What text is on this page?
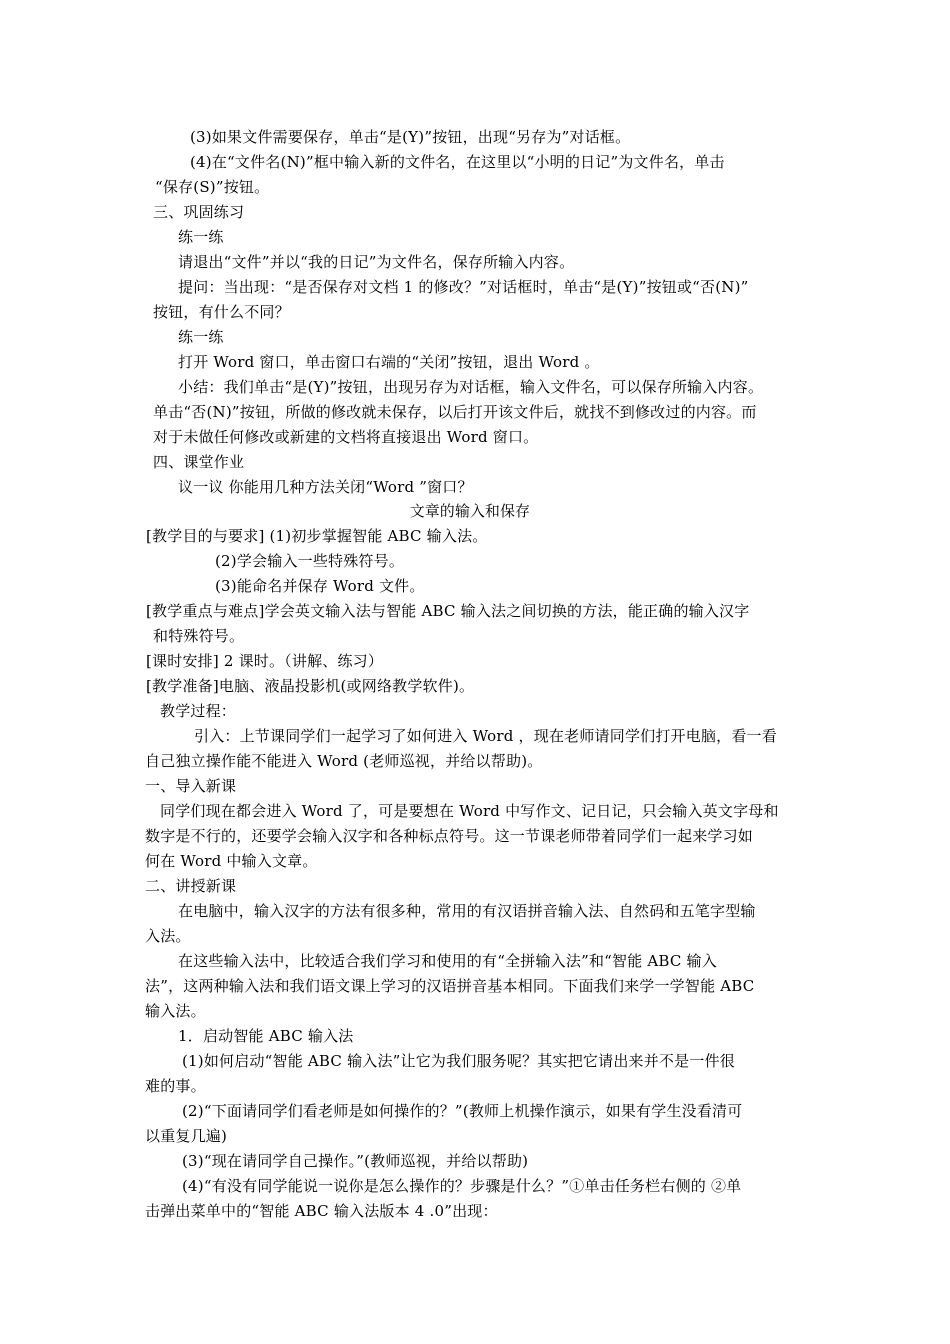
(3)如果文件需要保存，单击“是(Y)”按钮，出现“另存为”对话框。

(4)在“文件名(N)”框中输入新的文件名，在这里以“小明的日记”为文件名，单击

“保存(S)”按钮。

三、巩固练习

练一练

请退出“文件”并以“我的日记”为文件名，保存所输入内容。

提问：当出现：“是否保存对文档 1 的修改？”对话框时，单击“是(Y)”按钮或“否(N)”

按钮，有什么不同？

练一练

打开 Word 窗口，单击窗口右端的“关闭”按钮，退出 Word 。

小结：我们单击“是(Y)”按钮，出现另存为对话框，输入文件名，可以保存所输入内容。

单击“否(N)”按钮，所做的修改就未保存，以后打开该文件后，就找不到修改过的内容。而

对于未做任何修改或新建的文档将直接退出 Word 窗口。

四、课堂作业

议一议 你能用几种方法关闭“Word ”窗口？

文章的输入和保存

[教学目的与要求] (1)初步掌握智能 ABC 输入法。

(2)学会输入一些特殊符号。

(3)能命名并保存 Word 文件。

[教学重点与难点]学会英文输入法与智能 ABC 输入法之间切换的方法，能正确的输入汉字

和特殊符号。

[课时安排] 2 课时。（讲解、练习）

[教学准备]电脑、液晶投影机(或网络教学软件)。

教学过程：

引入：上节课同学们一起学习了如何进入 Word ，现在老师请同学们打开电脑，看一看

自己独立操作能不能进入 Word (老师巡视，并给以帮助)。

一、导入新课

同学们现在都会进入 Word 了，可是要想在 Word 中写作文、记日记，只会输入英文字母和

数字是不行的，还要学会输入汉字和各种标点符号。这一节课老师带着同学们一起来学习如

何在 Word 中输入文章。

二、讲授新课

在电脑中，输入汉字的方法有很多种，常用的有汉语拼音输入法、自然码和五笔字型输

入法。

在这些输入法中，比较适合我们学习和使用的有“全拼输入法”和“智能 ABC 输入

法”，这两种输入法和我们语文课上学习的汉语拼音基本相同。下面我们来学一学智能 ABC

输入法。

1．启动智能 ABC 输入法

(1)如何启动“智能 ABC 输入法”让它为我们服务呢？其实把它请出来并不是一件很

难的事。

(2)“下面请同学们看老师是如何操作的？”(教师上机操作演示，如果有学生没看清可

以重复几遍)

(3)“现在请同学自己操作。”(教师巡视，并给以帮助)

(4)“有没有同学能说一说你是怎么操作的？步骤是什么？”①单击任务栏右侧的 ②单

击弹出菜单中的“智能 ABC 输入法版本 4 .0”出现：
